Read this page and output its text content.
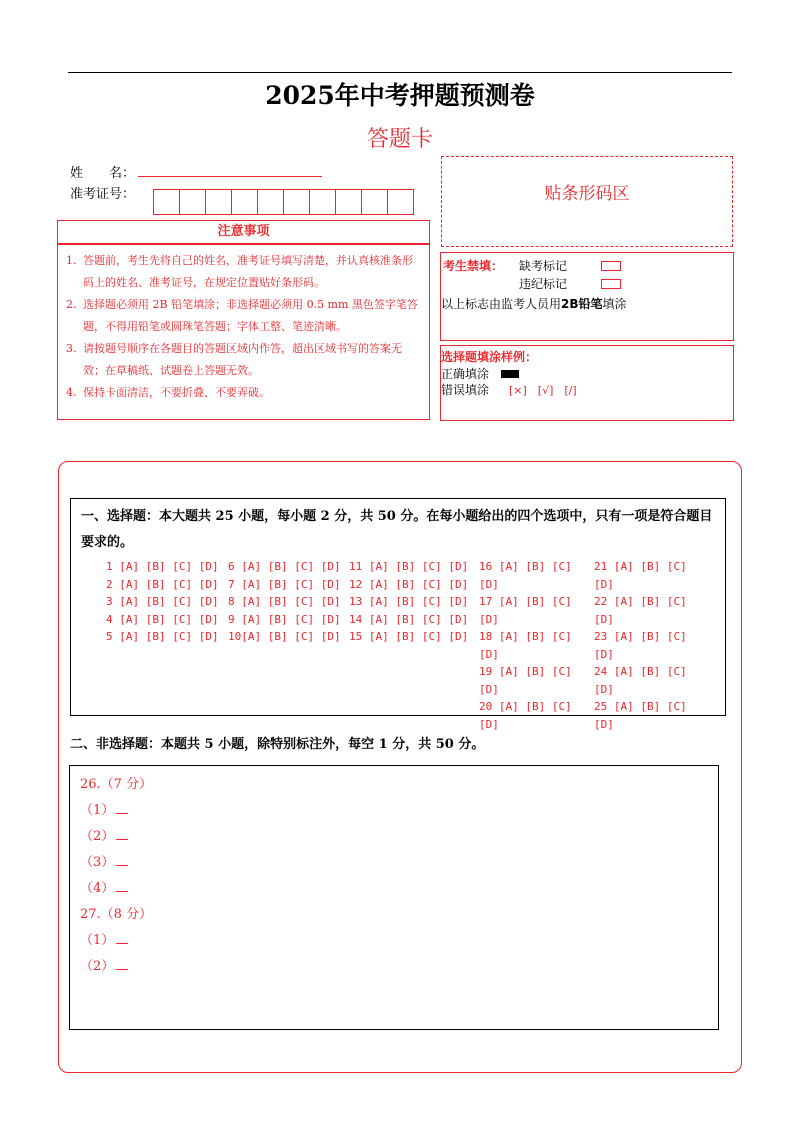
2025年中考押题预测卷
答题卡
姓　　名：
准考证号：	贴条形码区
注意事项
1. 答题前，考生先将自己的姓名，准考证号填写清楚，并认真核准条形码上的姓名、准考证号，在规定位置贴好条形码。
2. 选择题必须用 2B 铅笔填涂；非选择题必须用 0.5 mm 黑色签字笔答题，不得用铅笔或圆珠笔答题；字体工整、笔迹清晰。
3. 请按题号顺序在各题目的答题区域内作答，超出区域书写的答案无效；在草稿纸、试题卷上答题无效。
4. 保持卡面清洁，不要折叠、不要弄破。
考生禁填： 缺考标记
违纪标记
以上标志由监考人员用2B铅笔填涂
选择题填涂样例：
正确填涂
错误填涂 [×]　[√]　[/]
一、选择题：本大题共 25 小题，每小题 2 分，共 50 分。在每小题给出的四个选项中，只有一项是符合题目要求的。
1 [A] [B] [C] [D]
2 [A] [B] [C] [D]
3 [A] [B] [C] [D]
4 [A] [B] [C] [D]
5 [A] [B] [C] [D]
6 [A] [B] [C] [D]
7 [A] [B] [C] [D]
8 [A] [B] [C] [D]
9 [A] [B] [C] [D]
10[A] [B] [C] [D]
11 [A] [B] [C] [D]
12 [A] [B] [C] [D]
13 [A] [B] [C] [D]
14 [A] [B] [C] [D]
15 [A] [B] [C] [D]
16 [A] [B] [C]
[D]
17 [A] [B] [C]
[D]
18 [A] [B] [C]
[D]
19 [A] [B] [C]
[D]
20 [A] [B] [C]
[D]
21 [A] [B] [C]
[D]
22 [A] [B] [C]
[D]
23 [A] [B] [C]
[D]
24 [A] [B] [C]
[D]
25 [A] [B] [C]
[D]
二、非选择题：本题共 5 小题，除特别标注外，每空 1 分，共 50 分。
26.（7 分）
（1）
（2）
（3）
（4）
27.（8 分）
（1）
（2）
